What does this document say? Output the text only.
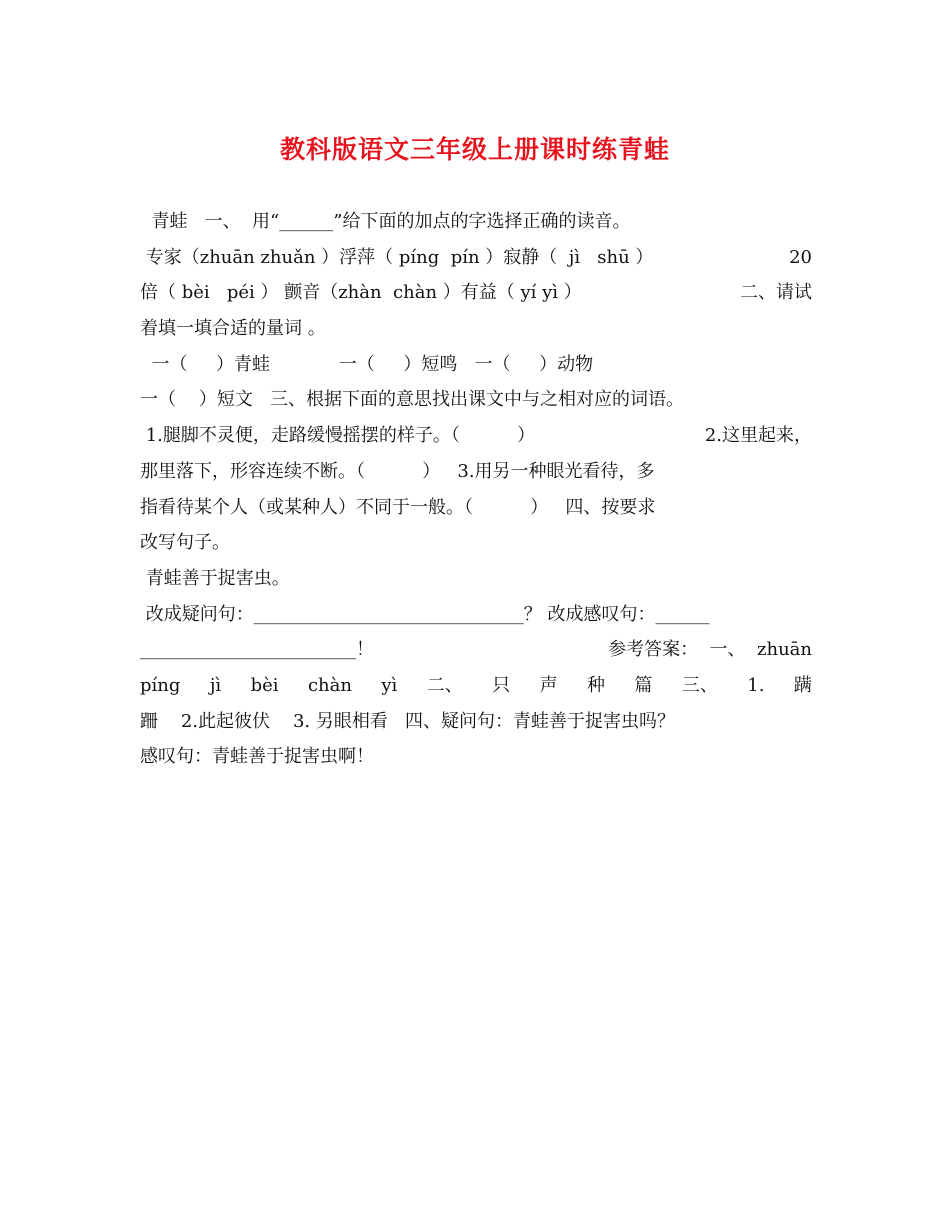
教科版语文三年级上册课时练青蛙
青蛙   一、  用“______”给下面的加点的字选择正确的读音。
专家（zhuān zhuǎn ）浮萍（ píng  pín ）寂静（  jì   shū ）	20
倍（ bèi   péi ） 颤音（zhàn  chàn ）有益（ yí yì ）	二、请试
着填一填合适的量词 。
一（     ）青蛙            一（     ）短鸣   一（     ）动物
一（    ）短文   三、根据下面的意思找出课文中与之相对应的词语。
1.腿脚不灵便，走路缓慢摇摆的样子。（          ）	2.这里起来，
那里落下，形容连续不断。（          ）   3.用另一种眼光看待，多
指看待某个人（或某种人）不同于一般。（          ）   四、按要求
改写句子。
青蛙善于捉害虫。
改成疑问句：______________________________？ 改成感叹句：______
________________________！	参考答案：  一、  zhuān
píng jì bèi chàn yì 二、 只 声 种 篇 三、 1. 蹒
跚    2.此起彼伏    3. 另眼相看   四、疑问句：青蛙善于捉害虫吗？
感叹句：青蛙善于捉害虫啊！
